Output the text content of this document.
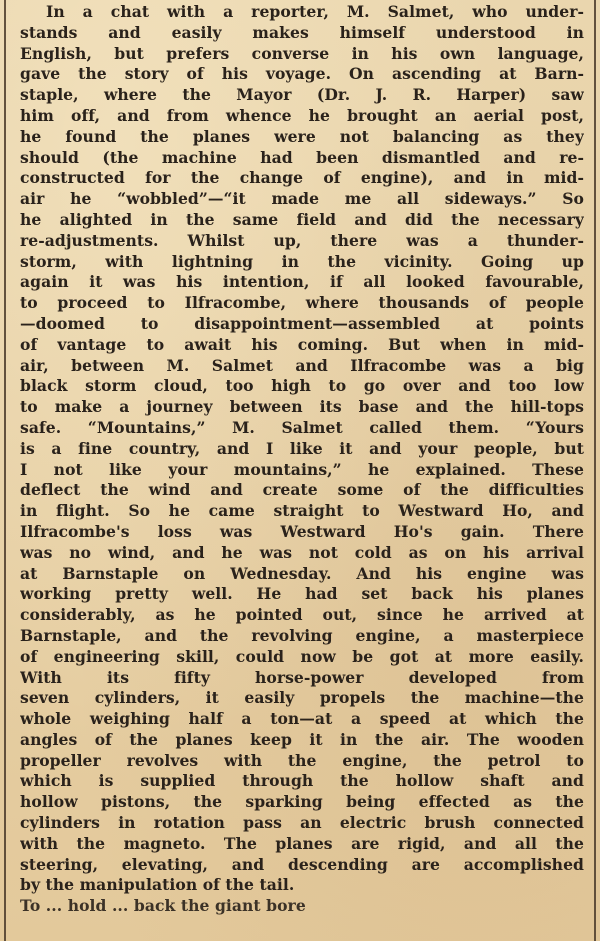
In a chat with a reporter, M. Salmet, who under-
stands and easily makes himself understood in
English, but prefers converse in his own language,
gave the story of his voyage. On ascending at Barn-
staple, where the Mayor (Dr. J. R. Harper) saw
him off, and from whence he brought an aerial post,
he found the planes were not balancing as they
should (the machine had been dismantled and re-
constructed for the change of engine), and in mid-
air he “wobbled”—“it made me all sideways.” So
he alighted in the same field and did the necessary
re-adjustments. Whilst up, there was a thunder-
storm, with lightning in the vicinity. Going up
again it was his intention, if all looked favourable,
to proceed to Ilfracombe, where thousands of people
—doomed to disappointment—assembled at points
of vantage to await his coming. But when in mid-
air, between M. Salmet and Ilfracombe was a big
black storm cloud, too high to go over and too low
to make a journey between its base and the hill-tops
safe. “Mountains,” M. Salmet called them. “Yours
is a fine country, and I like it and your people, but
I not like your mountains,” he explained. These
deflect the wind and create some of the difficulties
in flight. So he came straight to Westward Ho, and
Ilfracombe's loss was Westward Ho's gain. There
was no wind, and he was not cold as on his arrival
at Barnstaple on Wednesday. And his engine was
working pretty well. He had set back his planes
considerably, as he pointed out, since he arrived at
Barnstaple, and the revolving engine, a masterpiece
of engineering skill, could now be got at more easily.
With its fifty horse-power developed from
seven cylinders, it easily propels the machine—the
whole weighing half a ton—at a speed at which the
angles of the planes keep it in the air. The wooden
propeller revolves with the engine, the petrol to
which is supplied through the hollow shaft and
hollow pistons, the sparking being effected as the
cylinders in rotation pass an electric brush connected
with the magneto. The planes are rigid, and all the
steering, elevating, and descending are accomplished
by the manipulation of the tail.
To ... hold ... back the giant bore
